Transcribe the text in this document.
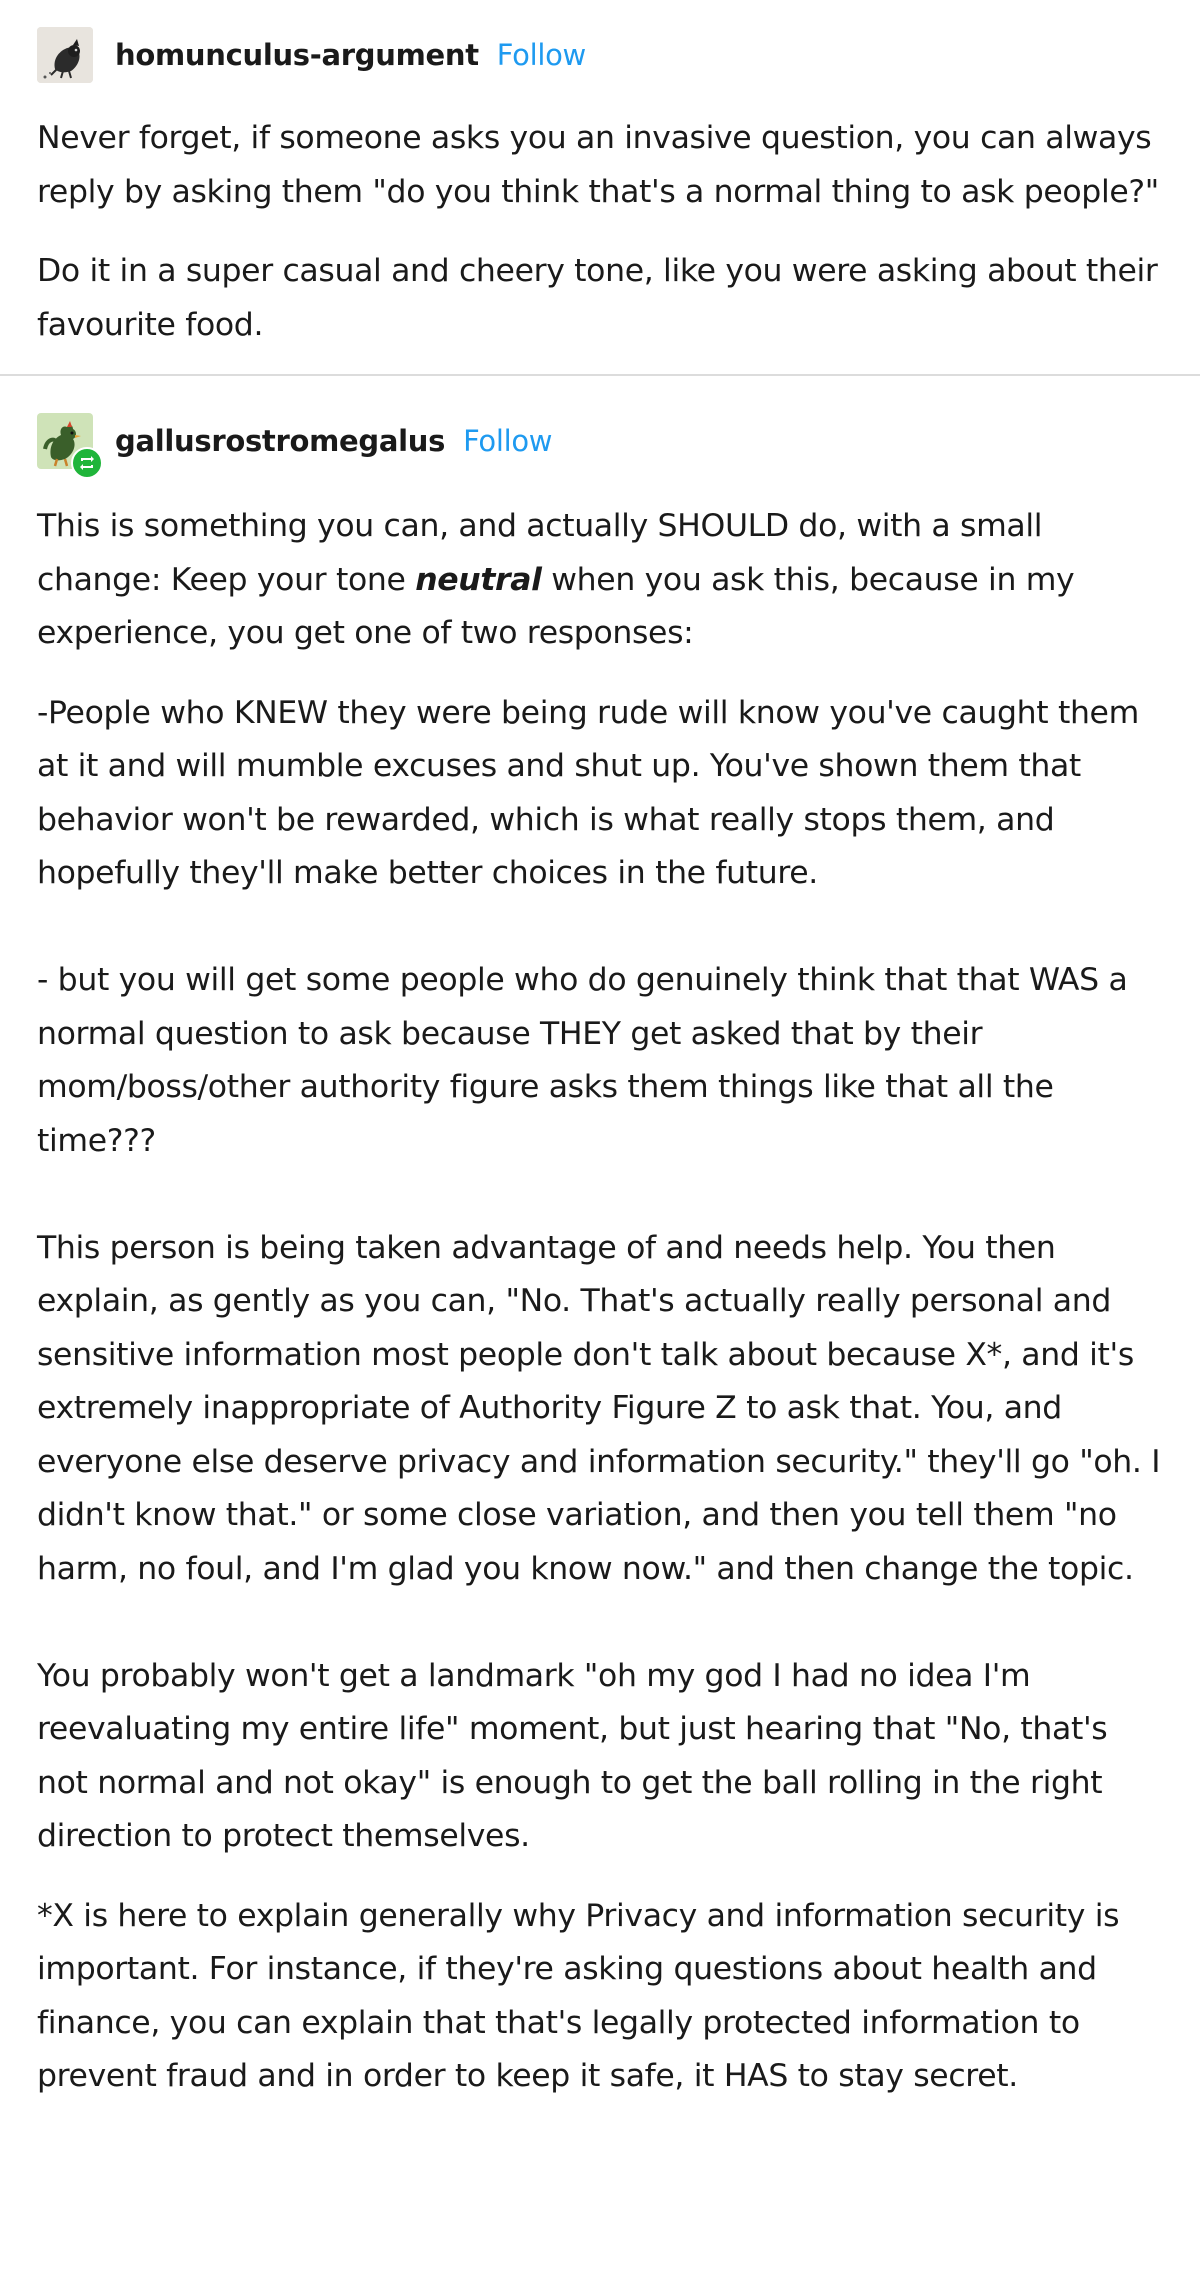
homunculus-argument Follow

Never forget, if someone asks you an invasive question, you can always reply by asking them "do you think that's a normal thing to ask people?"

Do it in a super casual and cheery tone, like you were asking about their favourite food.

gallusrostromegalus Follow

This is something you can, and actually SHOULD do, with a small change: Keep your tone neutral when you ask this, because in my experience, you get one of two responses:

-People who KNEW they were being rude will know you've caught them at it and will mumble excuses and shut up. You've shown them that behavior won't be rewarded, which is what really stops them, and hopefully they'll make better choices in the future.

- but you will get some people who do genuinely think that that WAS a normal question to ask because THEY get asked that by their mom/boss/other authority figure asks them things like that all the time???

This person is being taken advantage of and needs help. You then explain, as gently as you can, "No. That's actually really personal and sensitive information most people don't talk about because X*, and it's extremely inappropriate of Authority Figure Z to ask that. You, and everyone else deserve privacy and information security." they'll go "oh. I didn't know that." or some close variation, and then you tell them "no harm, no foul, and I'm glad you know now." and then change the topic.

You probably won't get a landmark "oh my god I had no idea I'm reevaluating my entire life" moment, but just hearing that "No, that's not normal and not okay" is enough to get the ball rolling in the right direction to protect themselves.

*X is here to explain generally why Privacy and information security is important. For instance, if they're asking questions about health and finance, you can explain that that's legally protected information to prevent fraud and in order to keep it safe, it HAS to stay secret.
